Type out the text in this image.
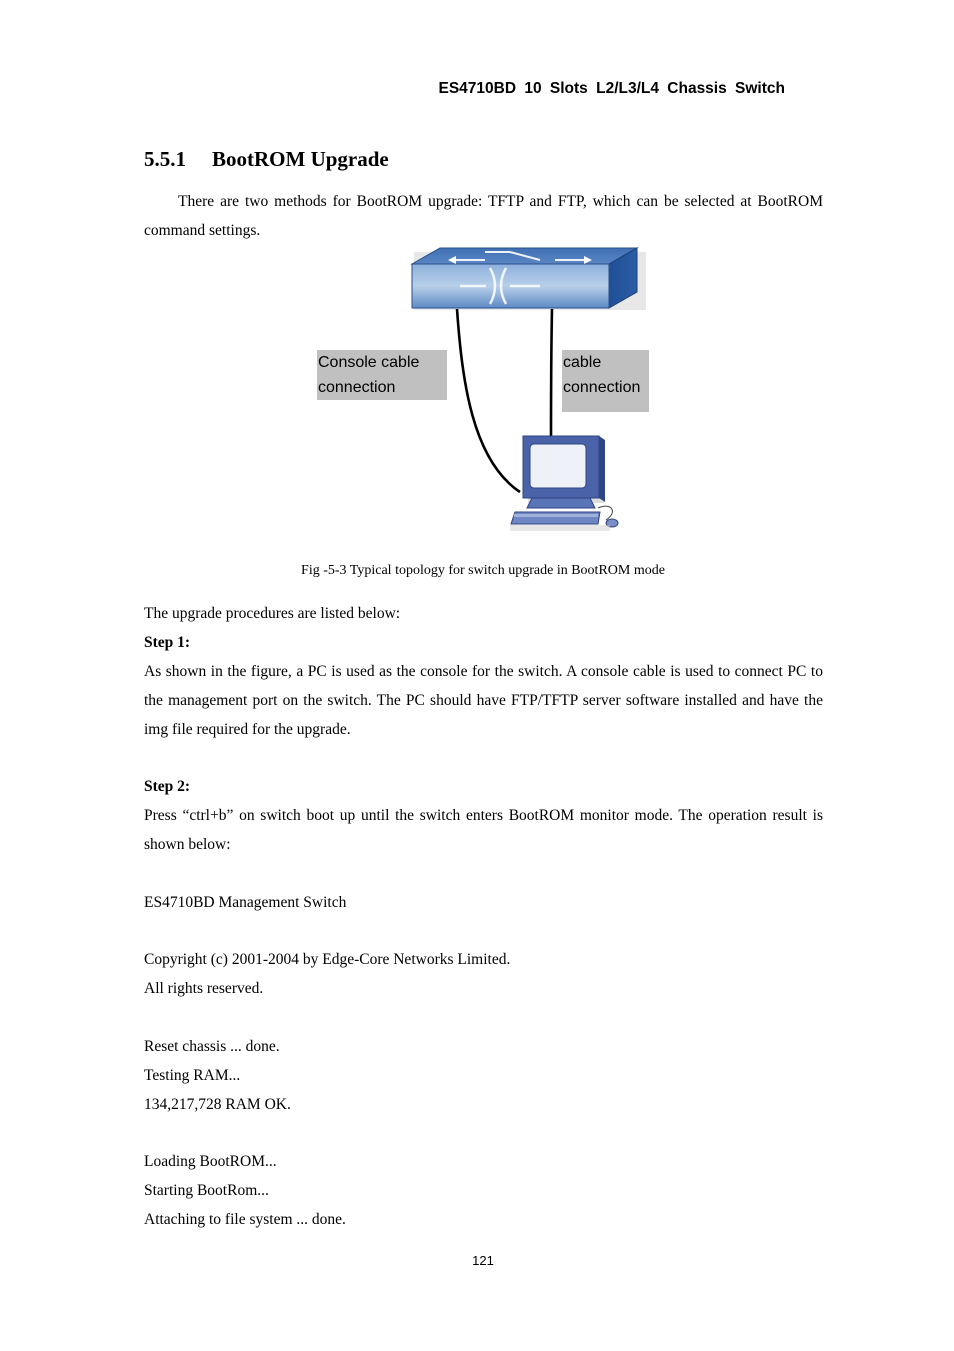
ES4710BD 10 Slots L2/L3/L4 Chassis Switch
5.5.1 BootROM Upgrade
There are two methods for BootROM upgrade: TFTP and FTP, which can be selected at BootROM command settings.
Console cable
connection
cable
connection
Fig -5-3 Typical topology for switch upgrade in BootROM mode
The upgrade procedures are listed below:
Step 1:
As shown in the figure, a PC is used as the console for the switch. A console cable is used to connect PC to the management port on the switch. The PC should have FTP/TFTP server software installed and have the img file required for the upgrade.
Step 2:
Press “ctrl+b” on switch boot up until the switch enters BootROM monitor mode. The operation result is shown below:
ES4710BD Management Switch
Copyright (c) 2001-2004 by Edge-Core Networks Limited.
All rights reserved.
Reset chassis ... done.
Testing RAM...
134,217,728 RAM OK.
Loading BootROM...
Starting BootRom...
Attaching to file system ... done.
121
